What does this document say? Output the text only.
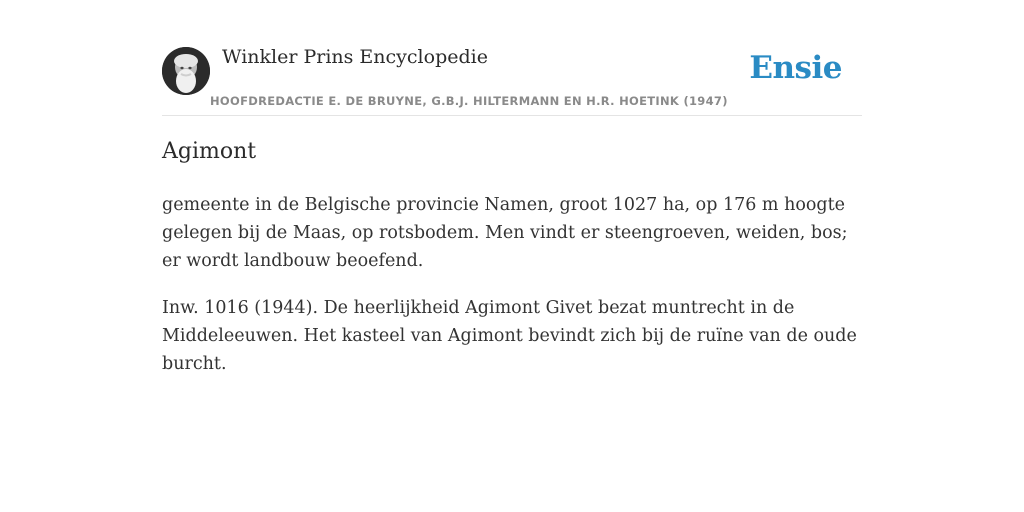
Winkler Prins Encyclopedie
HOOFDREDACTIE E. DE BRUYNE, G.B.J. HILTERMANN EN H.R. HOETINK (1947)
Ensie
Agimont

gemeente in de Belgische provincie Namen, groot 1027 ha, op 176 m hoogte gelegen bij de Maas, op rotsbodem. Men vindt er steengroeven, weiden, bos; er wordt landbouw beoefend.

Inw. 1016 (1944). De heerlijkheid Agimont Givet bezat muntrecht in de Middeleeuwen. Het kasteel van Agimont bevindt zich bij de ruïne van de oude burcht.
